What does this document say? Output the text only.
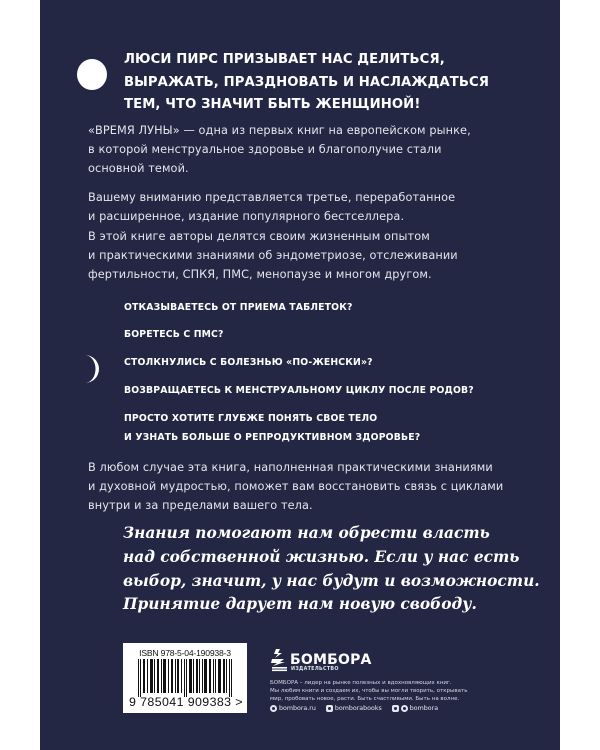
ЛЮСИ ПИРС ПРИЗЫВАЕТ НАС ДЕЛИТЬСЯ,
ВЫРАЖАТЬ, ПРАЗДНОВАТЬ И НАСЛАЖДАТЬСЯ
ТЕМ, ЧТО ЗНАЧИТ БЫТЬ ЖЕНЩИНОЙ!
«ВРЕМЯ ЛУНЫ» — одна из первых книг на европейском рынке,
в которой менструальное здоровье и благополучие стали
основной темой.
Вашему вниманию представляется третье, переработанное
и расширенное, издание популярного бестселлера.
В этой книге авторы делятся своим жизненным опытом
и практическими знаниями об эндометриозе, отслеживании
фертильности, СПКЯ, ПМС, менопаузе и многом другом.
ОТКАЗЫВАЕТЕСЬ ОТ ПРИЕМА ТАБЛЕТОК?
БОРЕТЕСЬ С ПМС?
СТОЛКНУЛИСЬ С БОЛЕЗНЬЮ «ПО-ЖЕНСКИ»?
ВОЗВРАЩАЕТЕСЬ К МЕНСТРУАЛЬНОМУ ЦИКЛУ ПОСЛЕ РОДОВ?
ПРОСТО ХОТИТЕ ГЛУБЖЕ ПОНЯТЬ СВОЕ ТЕЛО
И УЗНАТЬ БОЛЬШЕ О РЕПРОДУКТИВНОМ ЗДОРОВЬЕ?
В любом случае эта книга, наполненная практическими знаниями
и духовной мудростью, поможет вам восстановить связь с циклами
внутри и за пределами вашего тела.
Знания помогают нам обрести власть
над собственной жизнью. Если у нас есть
выбор, значит, у нас будут и возможности.
Принятие дарует нам новую свободу.
ISBN 978-5-04-190938-3
9 785041 909383 >
БОМБОРА
ИЗДАТЕЛЬСТВО
БОМБОРА – лидер на рынке полезных и вдохновляющих книг.
Мы любим книги и создаем их, чтобы вы могли творить, открывать
мир, пробовать новое, расти. Быть счастливыми. Быть на волне.
bombora.ru	bomborabooks	bombora
